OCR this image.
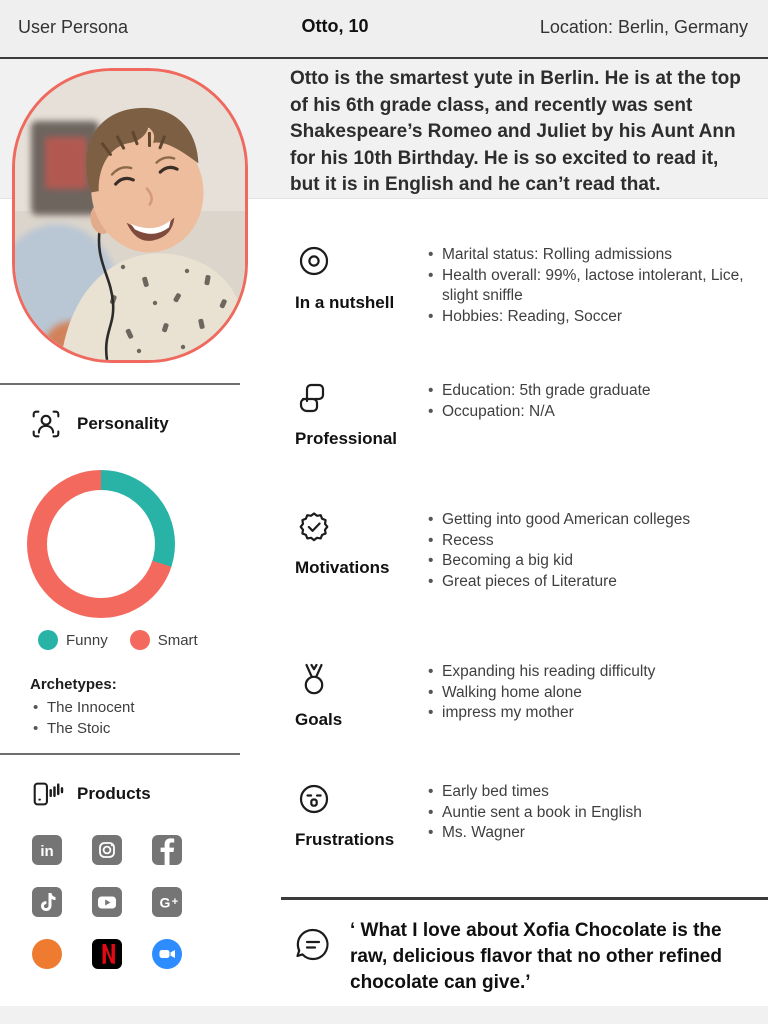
User Persona	Otto, 10	Location: Berlin, Germany
Otto is the smartest yute in Berlin. He is at the top of his 6th grade class, and recently was sent Shakespeare’s Romeo and Juliet by his Aunt Ann for his 10th Birthday. He is so excited to read it, but it is in English and he can’t read that.
Personality
Funny	Smart
Archetypes:
• The Innocent
• The Stoic
Products
in
G +
In a nutshell
• Marital status: Rolling admissions
• Health overall: 99%, lactose intolerant, Lice, slight sniffle
• Hobbies: Reading, Soccer
Professional
• Education: 5th grade graduate
• Occupation: N/A
Motivations
• Getting into good American colleges
• Recess
• Becoming a big kid
• Great pieces of Literature
Goals
• Expanding his reading difficulty
• Walking home alone
• impress my mother
Frustrations
• Early bed times
• Auntie sent a book in English
• Ms. Wagner
‘ What I love about Xofia Chocolate is the raw, delicious flavor that no other refined chocolate can give.’
